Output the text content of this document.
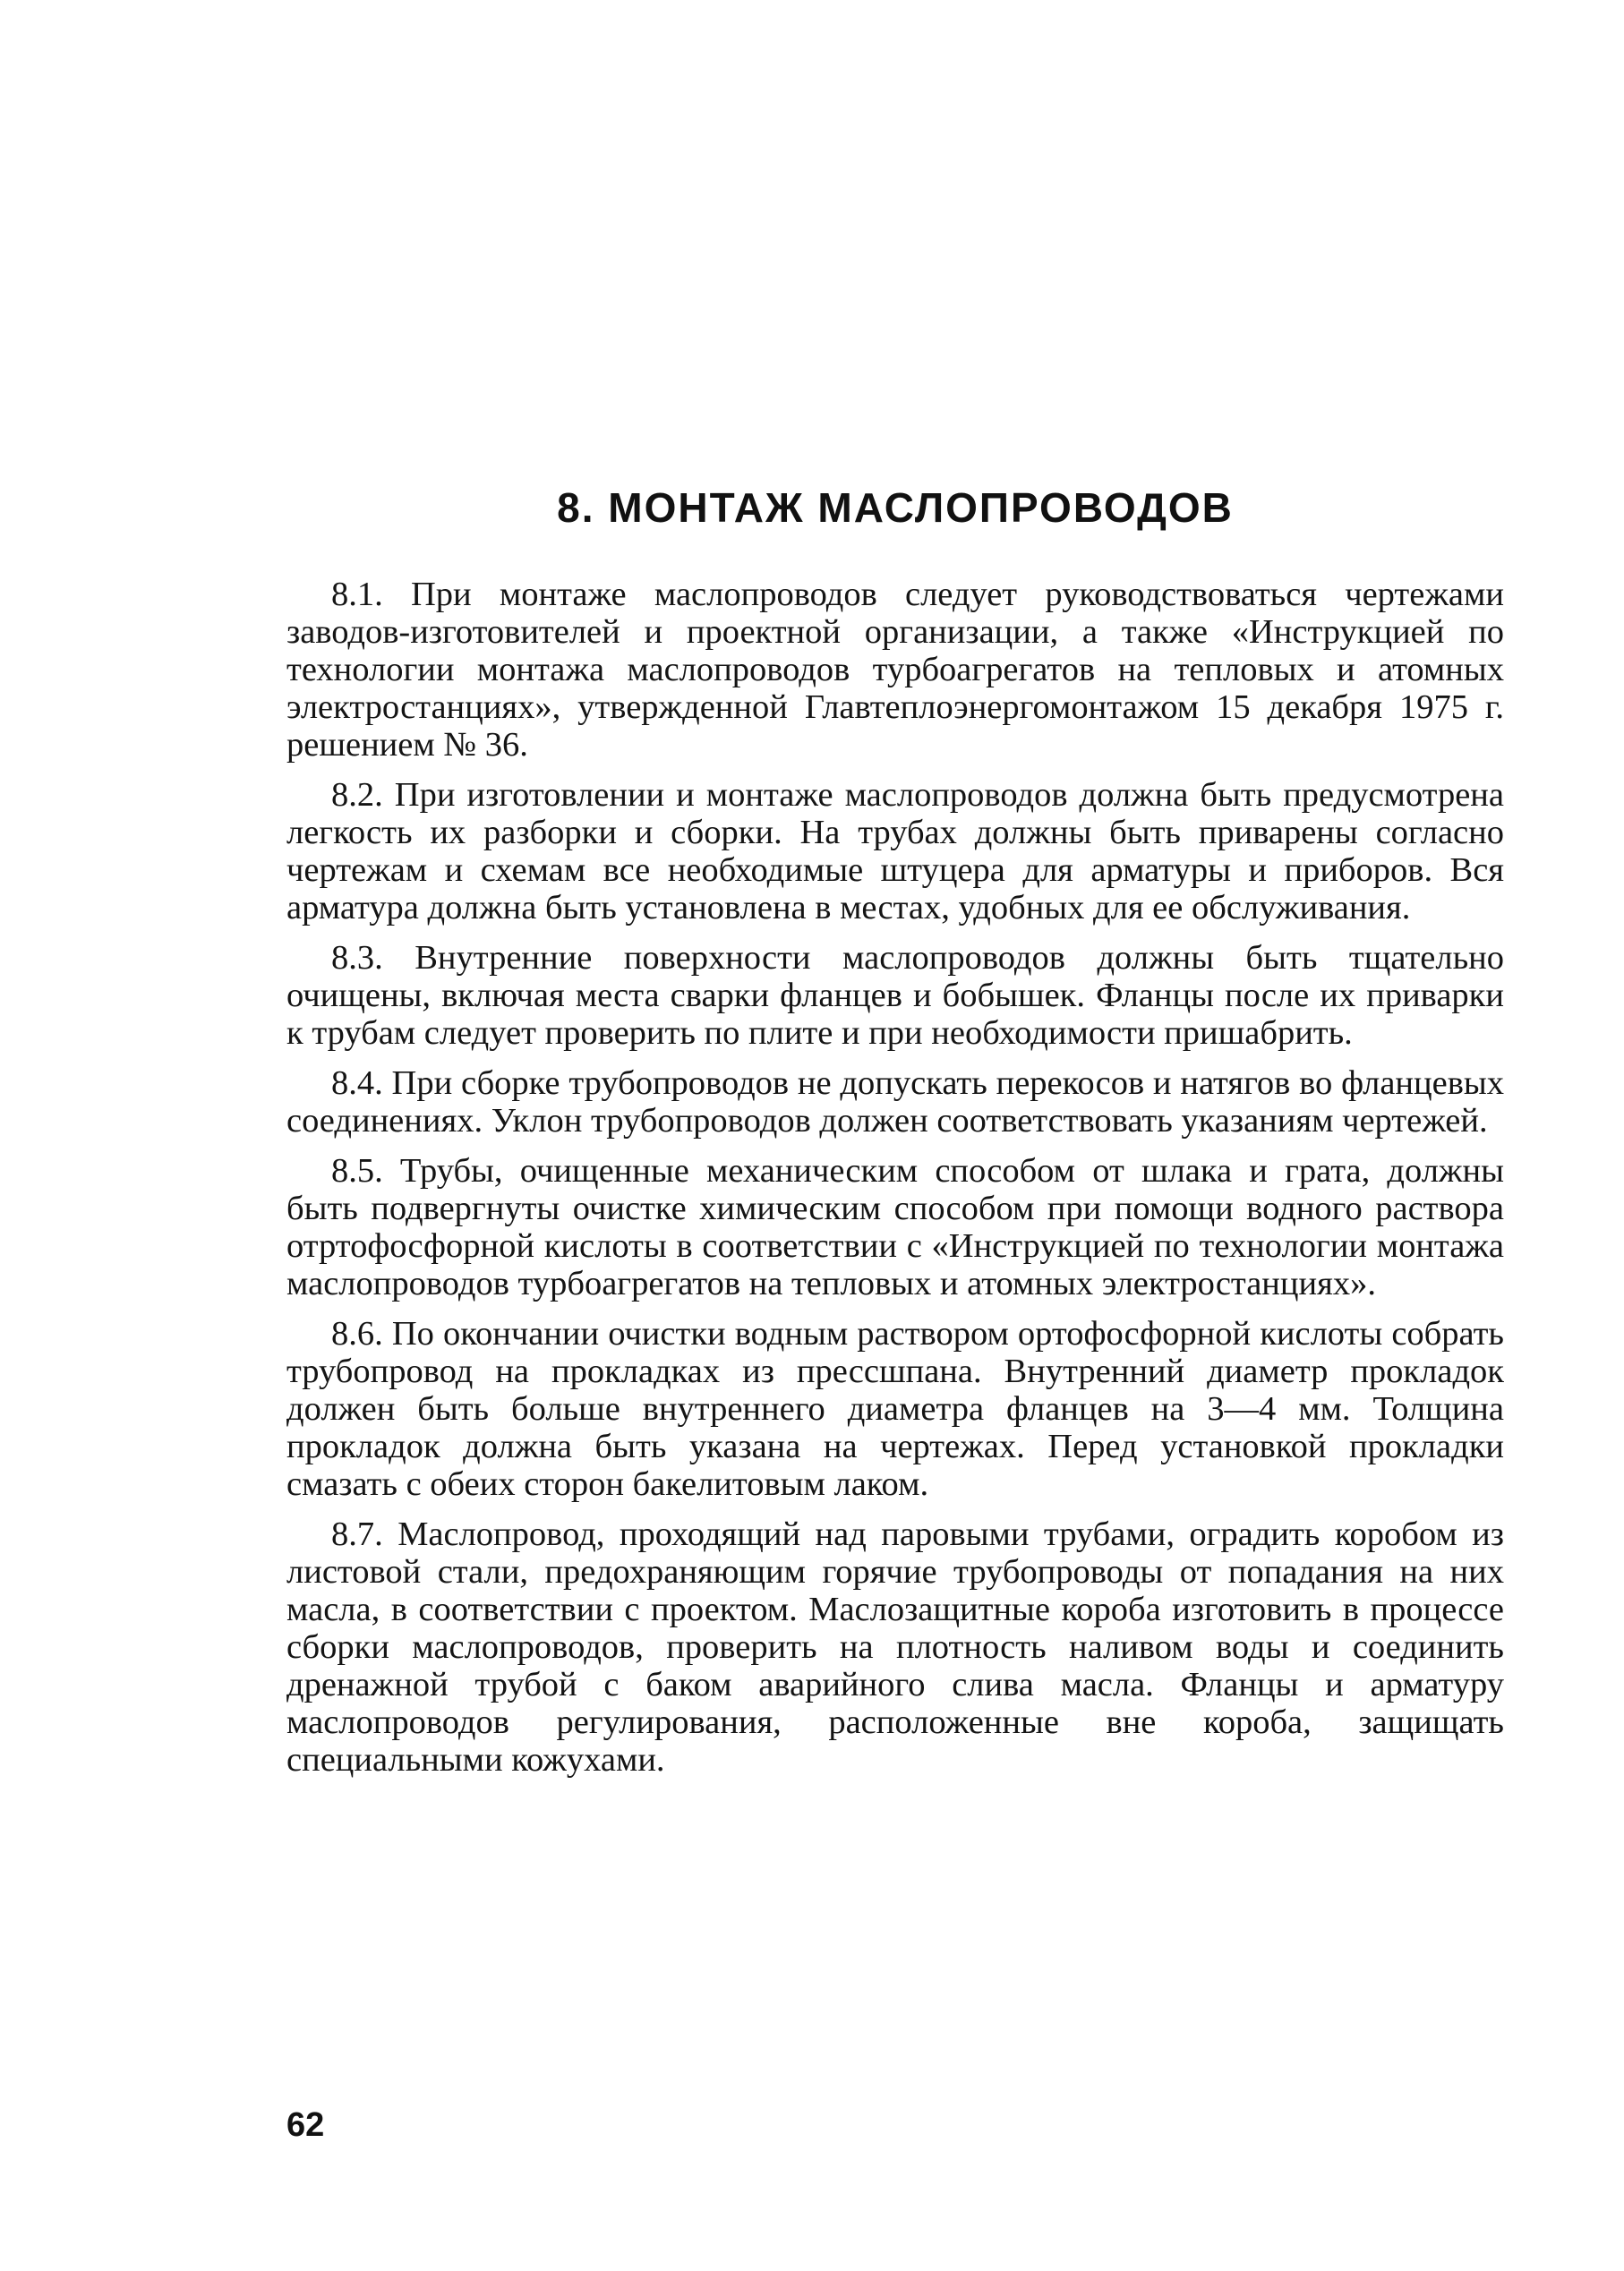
8. МОНТАЖ МАСЛОПРОВОДОВ

8.1. При монтаже маслопроводов следует руководствоваться чертежами заводов-изготовителей и проектной организации, а также «Инструкцией по технологии монтажа маслопроводов турбоагрегатов на тепловых и атомных электростанциях», утвержденной Главтеплоэнергомонтажом 15 декабря 1975 г. решением № 36.

8.2. При изготовлении и монтаже маслопроводов должна быть предусмотрена легкость их разборки и сборки. На трубах должны быть приварены согласно чертежам и схемам все необходимые штуцера для арматуры и приборов. Вся арматура должна быть установлена в местах, удобных для ее обслуживания.

8.3. Внутренние поверхности маслопроводов должны быть тщательно очищены, включая места сварки фланцев и бобышек. Фланцы после их приварки к трубам следует проверить по плите и при необходимости пришабрить.

8.4. При сборке трубопроводов не допускать перекосов и натягов во фланцевых соединениях. Уклон трубопроводов должен соответствовать указаниям чертежей.

8.5. Трубы, очищенные механическим способом от шлака и грата, должны быть подвергнуты очистке химическим способом при помощи водного раствора отртофосфорной кислоты в соответствии с «Инструкцией по технологии монтажа маслопроводов турбоагрегатов на тепловых и атомных электростанциях».

8.6. По окончании очистки водным раствором ортофосфорной кислоты собрать трубопровод на прокладках из прессшпана. Внутренний диаметр прокладок должен быть больше внутреннего диаметра фланцев на 3—4 мм. Толщина прокладок должна быть указана на чертежах. Перед установкой прокладки смазать с обеих сторон бакелитовым лаком.

8.7. Маслопровод, проходящий над паровыми трубами, оградить коробом из листовой стали, предохраняющим горячие трубопроводы от попадания на них масла, в соответствии с проектом. Маслозащитные короба изготовить в процессе сборки маслопроводов, проверить на плотность наливом воды и соединить дренажной трубой с баком аварийного слива масла. Фланцы и арматуру маслопроводов регулирования, расположенные вне короба, защищать специальными кожухами.

62
